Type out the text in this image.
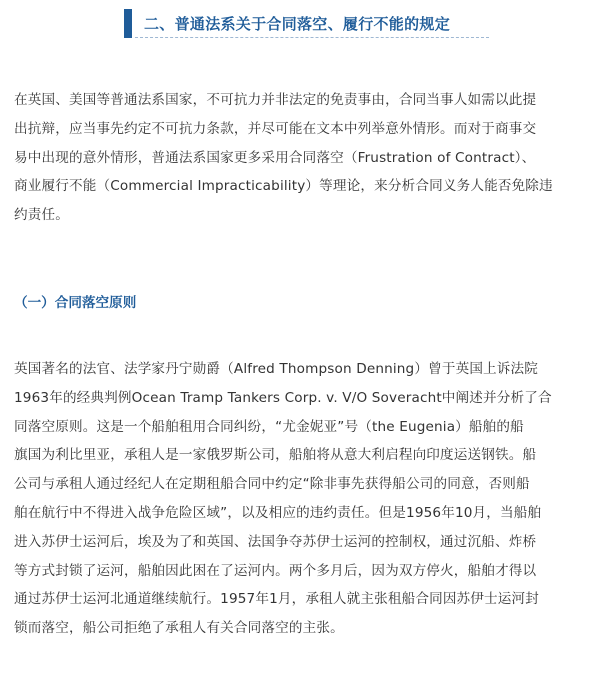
二、普通法系关于合同落空、履行不能的规定
在英国、美国等普通法系国家，不可抗力并非法定的免责事由，合同当事人如需以此提
出抗辩，应当事先约定不可抗力条款，并尽可能在文本中列举意外情形。而对于商事交
易中出现的意外情形，普通法系国家更多采用合同落空（Frustration of Contract）、
商业履行不能（Commercial Impracticability）等理论，来分析合同义务人能否免除违
约责任。
（一）合同落空原则
英国著名的法官、法学家丹宁勋爵（Alfred Thompson Denning）曾于英国上诉法院
1963年的经典判例Ocean Tramp Tankers Corp. v. V/O Soveracht中阐述并分析了合
同落空原则。这是一个船舶租用合同纠纷，“尤金妮亚”号（the Eugenia）船舶的船
旗国为利比里亚，承租人是一家俄罗斯公司，船舶将从意大利启程向印度运送钢铁。船
公司与承租人通过经纪人在定期租船合同中约定“除非事先获得船公司的同意，否则船
舶在航行中不得进入战争危险区域”，以及相应的违约责任。但是1956年10月，当船舶
进入苏伊士运河后，埃及为了和英国、法国争夺苏伊士运河的控制权，通过沉船、炸桥
等方式封锁了运河，船舶因此困在了运河内。两个多月后，因为双方停火，船舶才得以
通过苏伊士运河北通道继续航行。1957年1月，承租人就主张租船合同因苏伊士运河封
锁而落空，船公司拒绝了承租人有关合同落空的主张。
